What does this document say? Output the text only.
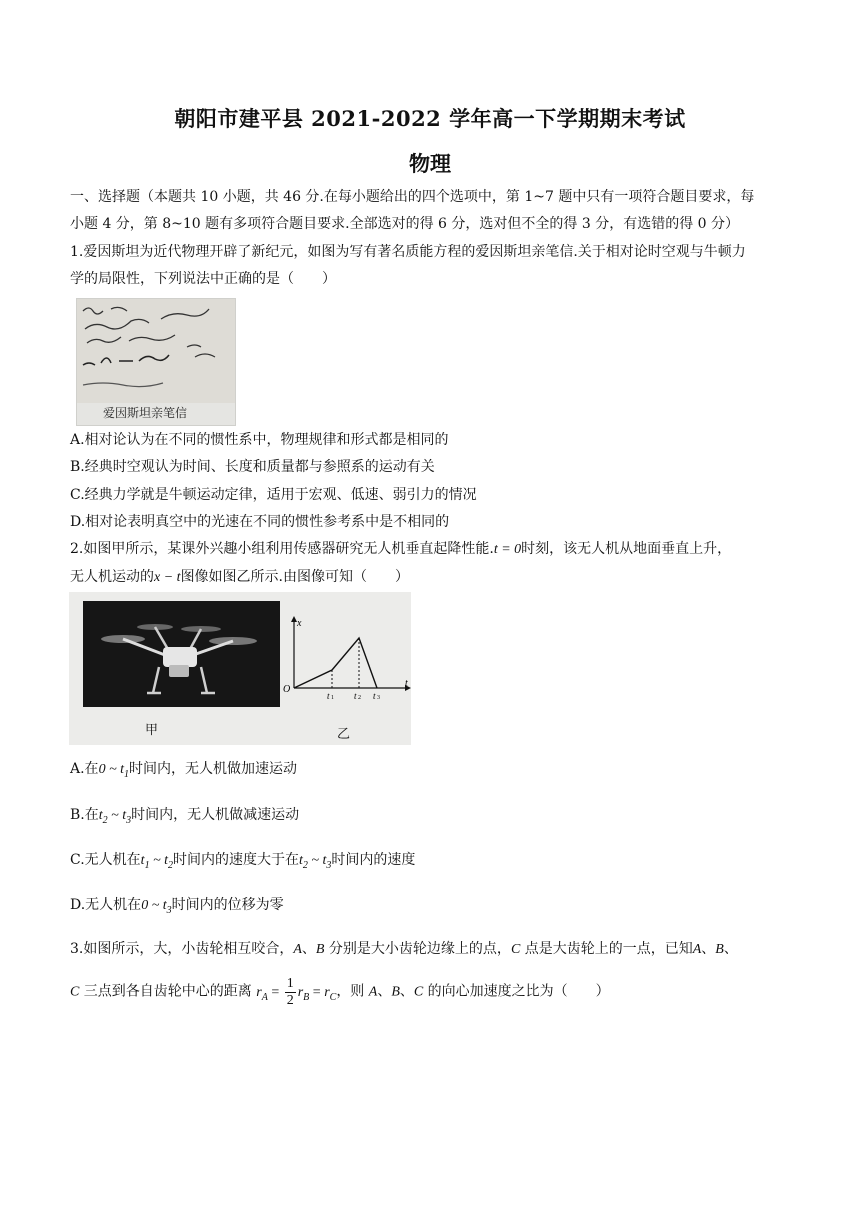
朝阳市建平县 2021-2022 学年高一下学期期末考试
物理
一、选择题（本题共 10 小题，共 46 分.在每小题给出的四个选项中，第 1~7 题中只有一项符合题目要求，每
小题 4 分，第 8~10 题有多项符合题目要求.全部选对的得 6 分，选对但不全的得 3 分，有选错的得 0 分）
1.爱因斯坦为近代物理开辟了新纪元，如图为写有著名质能方程的爱因斯坦亲笔信.关于相对论时空观与牛顿力
学的局限性，下列说法中正确的是（　　）
爱因斯坦亲笔信
A.相对论认为在不同的惯性系中，物理规律和形式都是相同的
B.经典时空观认为时间、长度和质量都与参照系的运动有关
C.经典力学就是牛顿运动定律，适用于宏观、低速、弱引力的情况
D.相对论表明真空中的光速在不同的惯性参考系中是不相同的
2.如图甲所示，某课外兴趣小组利用传感器研究无人机垂直起降性能.t = 0时刻，该无人机从地面垂直上升，
无人机运动的x − t图像如图乙所示.由图像可知（　　）
甲
x
t
O
t 1 t 2 t 3
乙
A.在0 ~ $t_1$时间内，无人机做加速运动
B.在$t_2$ ~ $t_3$时间内，无人机做减速运动
C.无人机在$t_1$ ~ $t_2$时间内的速度大于在$t_2$ ~ $t_3$时间内的速度
D.无人机在0 ~ $t_3$时间内的位移为零
3.如图所示，大，小齿轮相互咬合，A、B 分别是大小齿轮边缘上的点，C 点是大齿轮上的一点，已知A、B、
C 三点到各自齿轮中心的距离 $r_A = \frac{1}{2} r_B = r_C$，则 A、B、C 的向心加速度之比为（　　）
